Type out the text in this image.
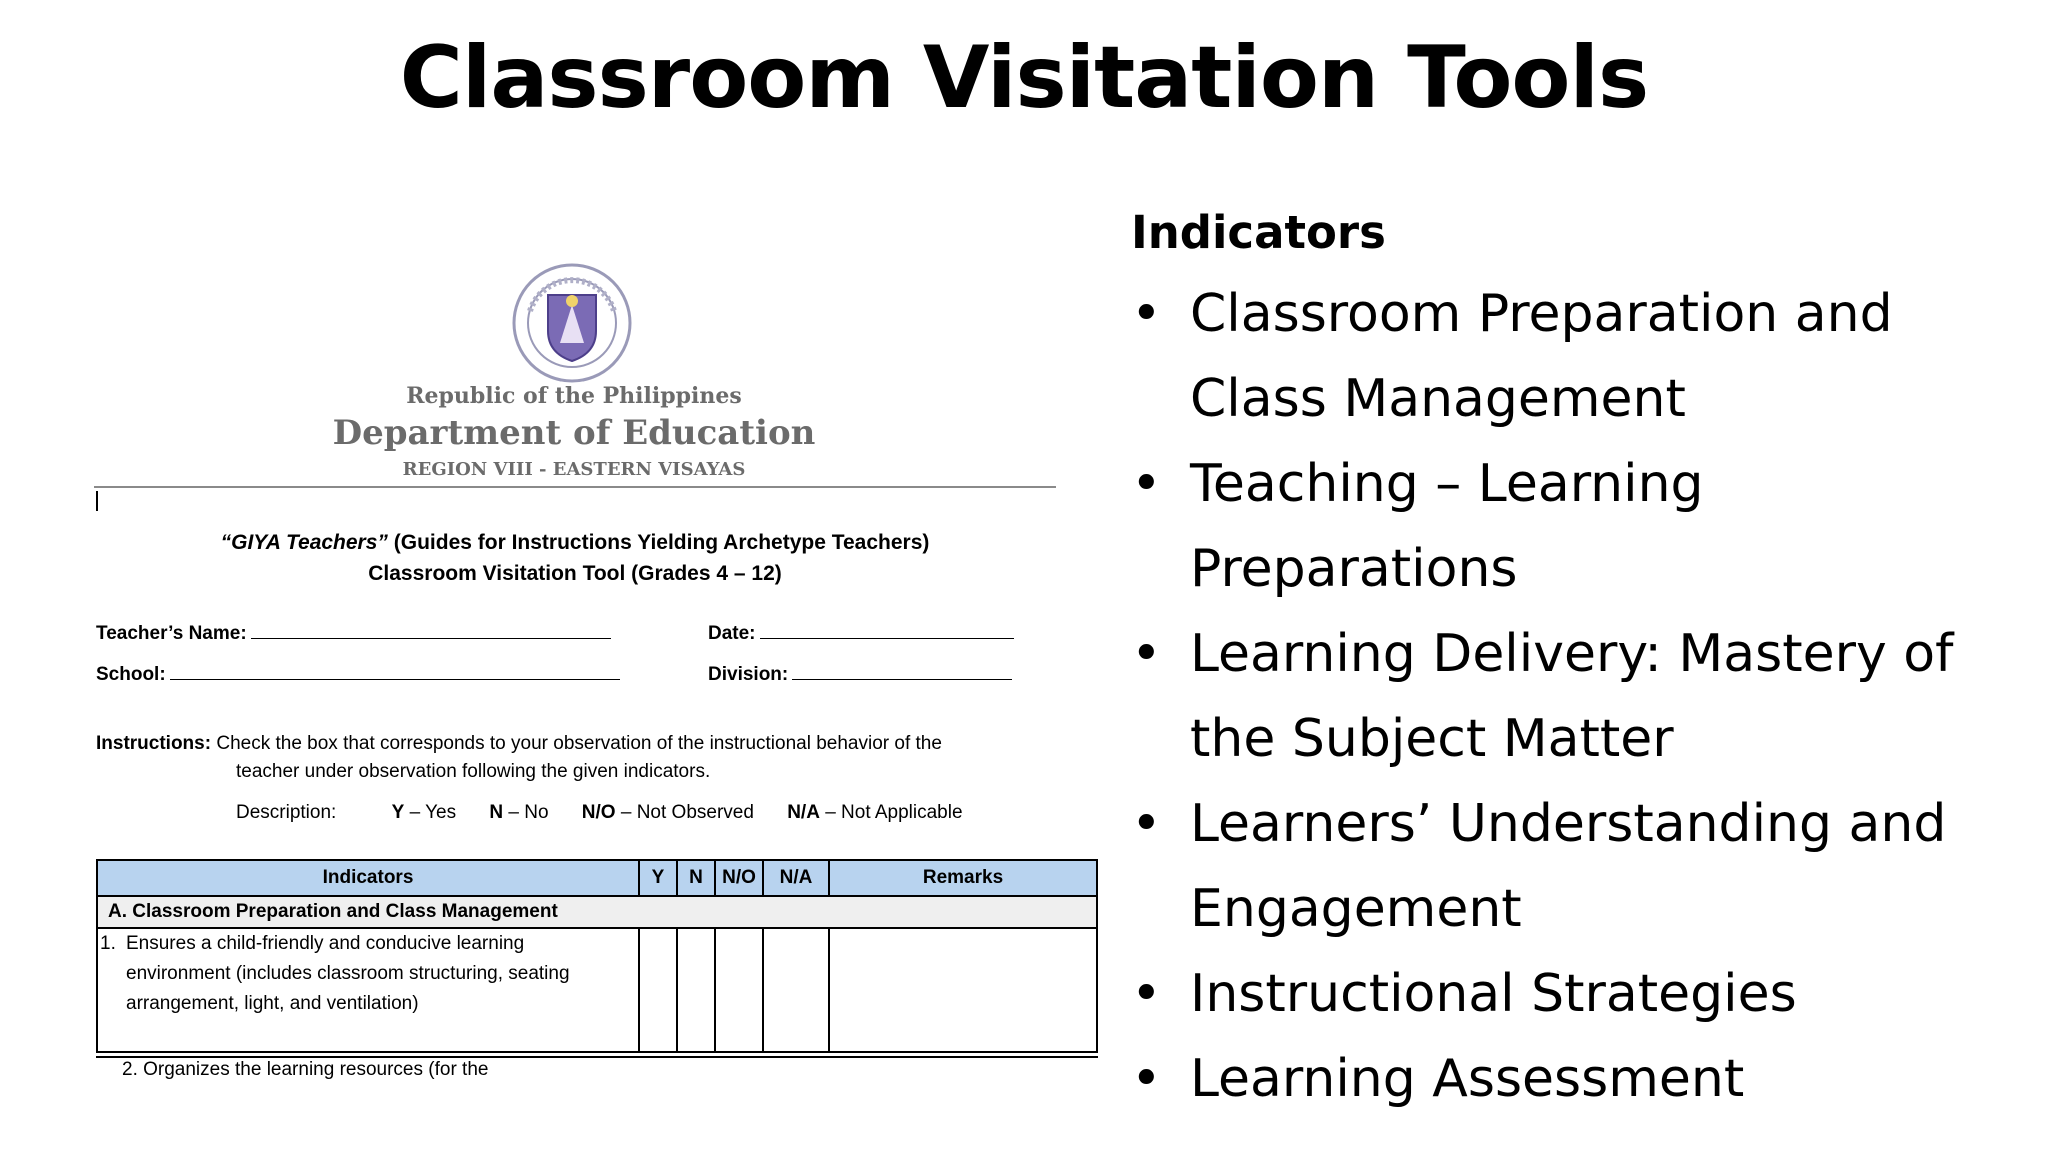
Classroom Visitation Tools
Republic of the Philippines
Department of Education
REGION VIII - EASTERN VISAYAS
“GIYA Teachers” (Guides for Instructions Yielding Archetype Teachers)
Classroom Visitation Tool (Grades 4 – 12)
Teacher’s Name:	Date:
School:	Division:
Instructions: Check the box that corresponds to your observation of the instructional behavior of the
teacher under observation following the given indicators.
Description:	Y – Yes N – No N/O – Not Observed N/A – Not Applicable
Indicators	Y	N	N/O	N/A	Remarks
A. Classroom Preparation and Class Management					
1. Ensures a child-friendly and conducive learning environment (includes classroom structuring, seating arrangement, light, and ventilation)					
2. Organizes the learning resources (for the
Indicators
• Classroom Preparation and Class Management
• Teaching – Learning Preparations
• Learning Delivery: Mastery of the Subject Matter
• Learners’ Understanding and Engagement
• Instructional Strategies
• Learning Assessment
